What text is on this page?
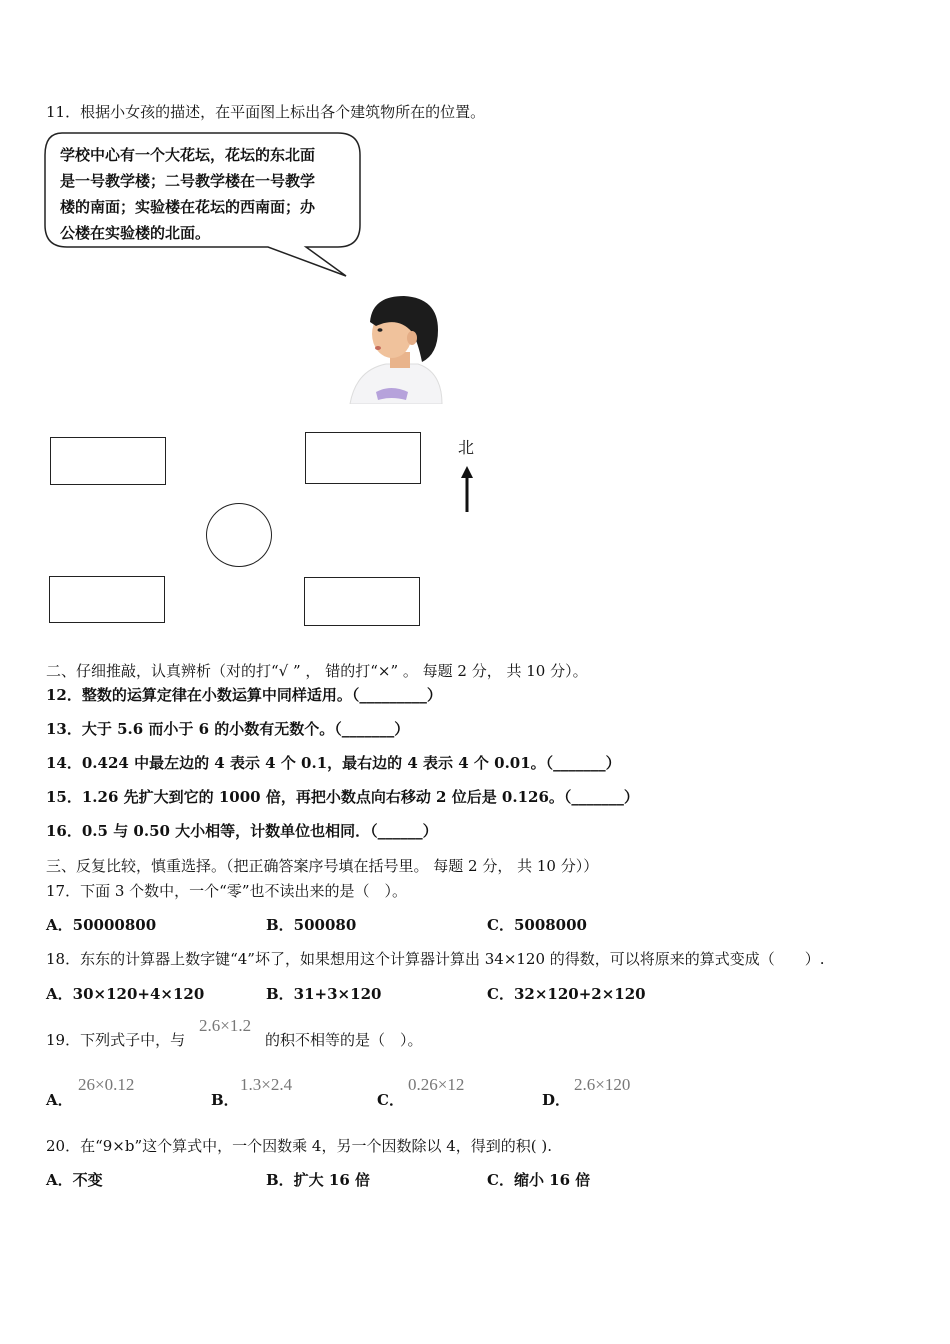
11．根据小女孩的描述，在平面图上标出各个建筑物所在的位置。
学校中心有一个大花坛，花坛的东北面
是一号教学楼；二号教学楼在一号教学
楼的南面；实验楼在花坛的西南面；办
公楼在实验楼的北面。
北
二、仔细推敲，认真辨析（对的打“√ ” ， 错的打“×” 。 每题 2 分， 共 10 分）。
12．整数的运算定律在小数运算中同样适用。（_________）
13．大于 5.6 而小于 6 的小数有无数个。（_______）
14．0.424 中最左边的 4 表示 4 个 0.1，最右边的 4 表示 4 个 0.01。（_______）
15．1.26 先扩大到它的 1000 倍，再把小数点向右移动 2 位后是 0.126。（_______）
16．0.5 与 0.50 大小相等，计数单位也相同．（______）
三、反复比较，慎重选择。（把正确答案序号填在括号里。 每题 2 分， 共 10 分））
17．下面 3 个数中，一个“零”也不读出来的是（　）。
A．50000800	B．500080	C．5008000
18．东东的计算器上数字键“4”坏了，如果想用这个计算器计算出 34×120 的得数，可以将原来的算式变成（　　）.
A．30×120+4×120	B．31+3×120	C．32×120+2×120
19．下列式子中，与
2.6×1.2
的积不相等的是（　）。
A．
26×0.12
B．
1.3×2.4
C．
0.26×12
D．
2.6×120
20．在“9×b”这个算式中，一个因数乘 4，另一个因数除以 4，得到的积( ).
A．不变	B．扩大 16 倍	C．缩小 16 倍
